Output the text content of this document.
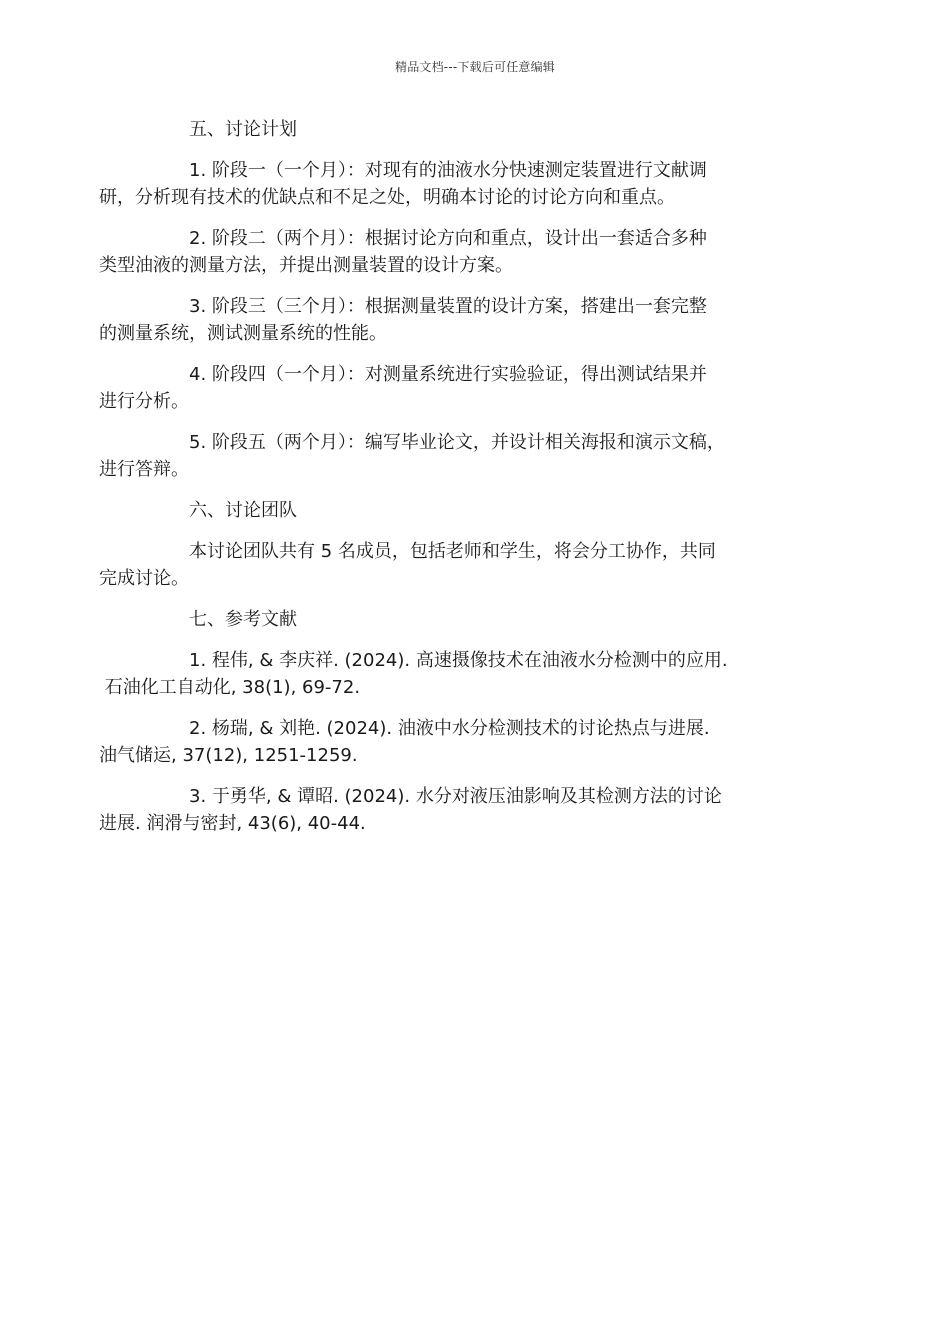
精品文档---下载后可任意编辑
五、讨论计划
1. 阶段一（一个月）：对现有的油液水分快速测定装置进行文献调
研，分析现有技术的优缺点和不足之处，明确本讨论的讨论方向和重点。
2. 阶段二（两个月）：根据讨论方向和重点，设计出一套适合多种
类型油液的测量方法，并提出测量装置的设计方案。
3. 阶段三（三个月）：根据测量装置的设计方案，搭建出一套完整
的测量系统，测试测量系统的性能。
4. 阶段四（一个月）：对测量系统进行实验验证，得出测试结果并
进行分析。
5. 阶段五（两个月）：编写毕业论文，并设计相关海报和演示文稿，
进行答辩。
六、讨论团队
本讨论团队共有 5 名成员，包括老师和学生，将会分工协作，共同
完成讨论。
七、参考文献
1. 程伟, & 李庆祥. (2024). 高速摄像技术在油液水分检测中的应用.
石油化工自动化, 38(1), 69-72.
2. 杨瑞, & 刘艳. (2024). 油液中水分检测技术的讨论热点与进展.
油气储运, 37(12), 1251-1259.
3. 于勇华, & 谭昭. (2024). 水分对液压油影响及其检测方法的讨论
进展. 润滑与密封, 43(6), 40-44.
